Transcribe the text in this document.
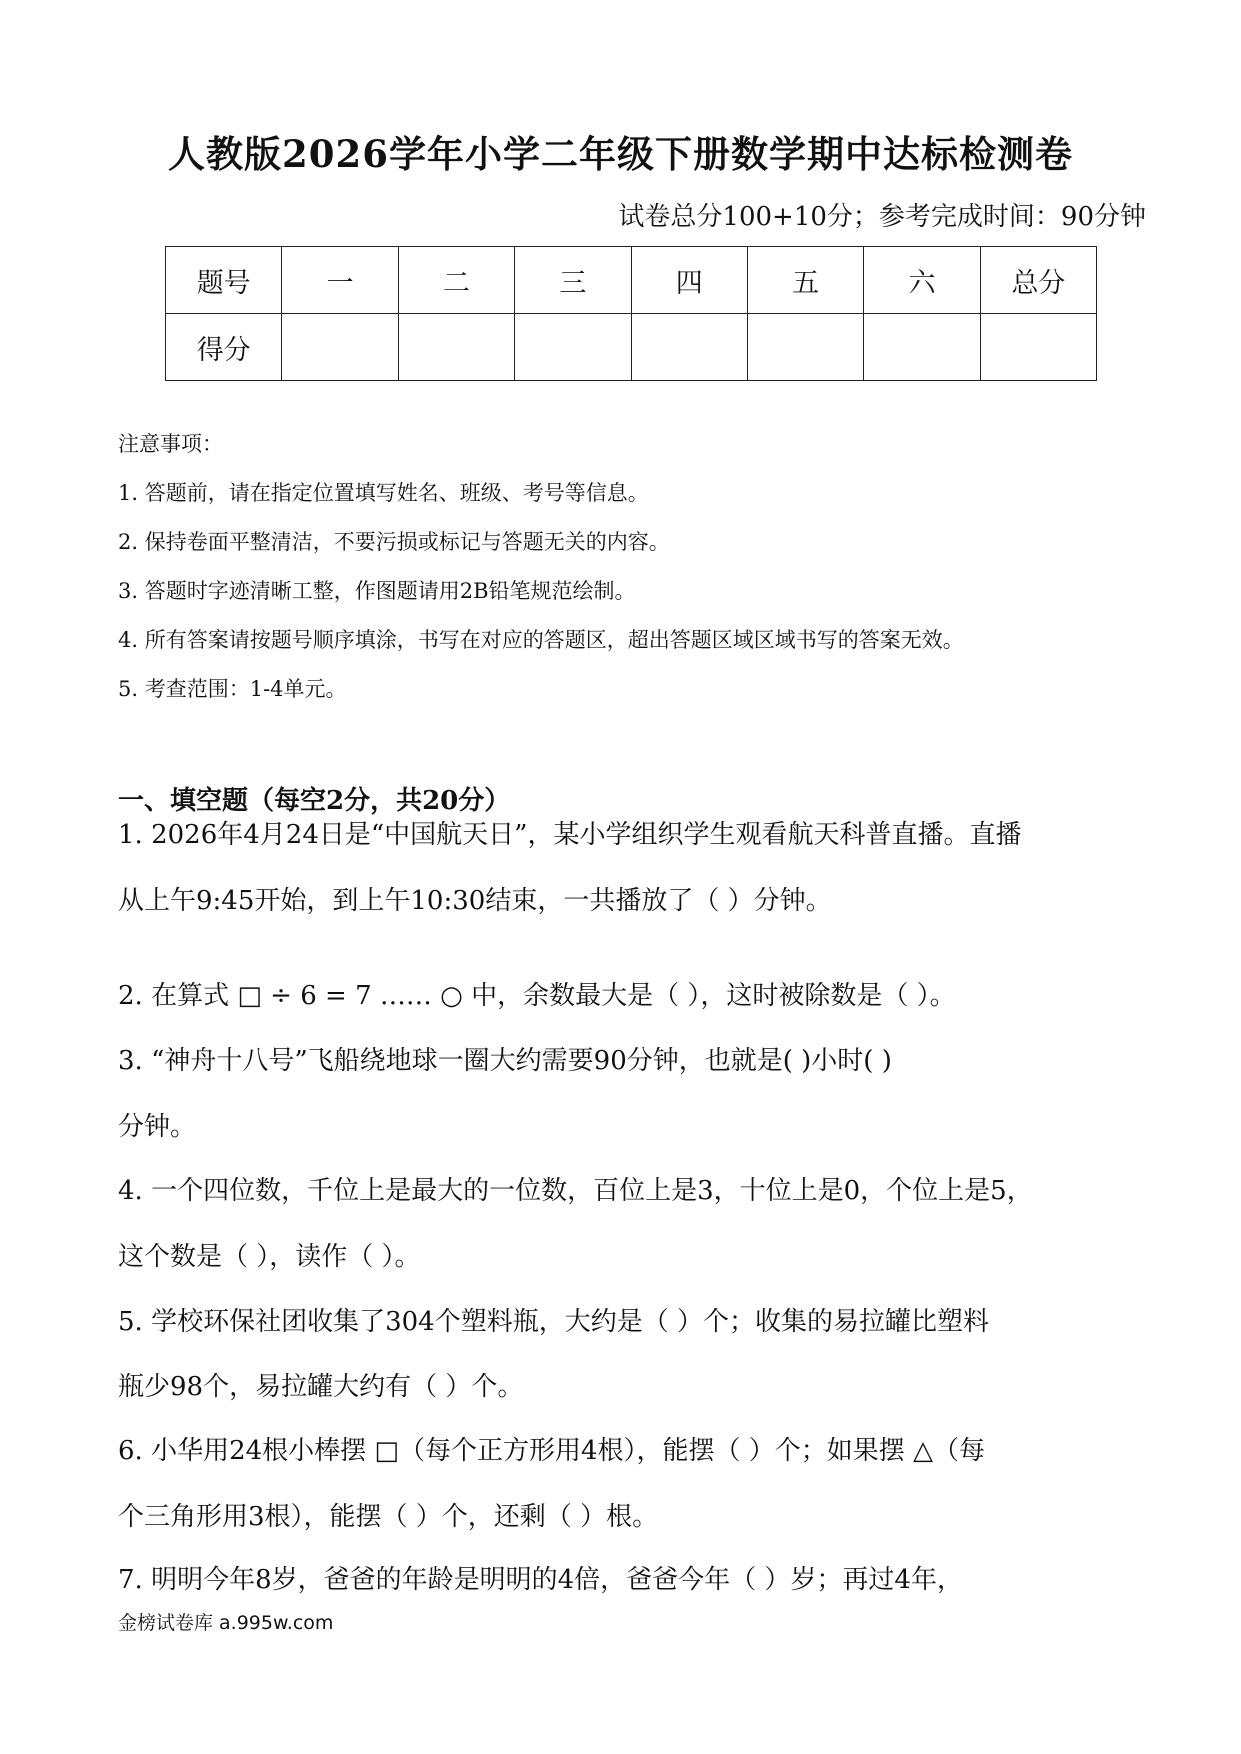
人教版2026学年小学二年级下册数学期中达标检测卷
试卷总分100+10分；参考完成时间：90分钟
题号	一	二	三	四	五	六	总分
得分							
注意事项：
1. 答题前，请在指定位置填写姓名、班级、考号等信息。
2. 保持卷面平整清洁，不要污损或标记与答题无关的内容。
3. 答题时字迹清晰工整，作图题请用2B铅笔规范绘制。
4. 所有答案请按题号顺序填涂，书写在对应的答题区，超出答题区域区域书写的答案无效。
5. 考查范围：1-4单元。
一、填空题（每空2分，共20分）
1. 2026年4月24日是“中国航天日”，某小学组织学生观看航天科普直播。直播
从上午9:45开始，到上午10:30结束，一共播放了（ ）分钟。
2. 在算式 □ ÷ 6 = 7 …… ○ 中，余数最大是（ ），这时被除数是（ ）。
3. “神舟十八号”飞船绕地球一圈大约需要90分钟，也就是( )小时( )
分钟。
4. 一个四位数，千位上是最大的一位数，百位上是3，十位上是0，个位上是5，
这个数是（ ），读作（ ）。
5. 学校环保社团收集了304个塑料瓶，大约是（ ）个；收集的易拉罐比塑料
瓶少98个，易拉罐大约有（ ）个。
6. 小华用24根小棒摆 □（每个正方形用4根），能摆（ ）个；如果摆 △（每
个三角形用3根），能摆（ ）个，还剩（ ）根。
7. 明明今年8岁，爸爸的年龄是明明的4倍，爸爸今年（ ）岁；再过4年，
金榜试卷库 a.995w.com
